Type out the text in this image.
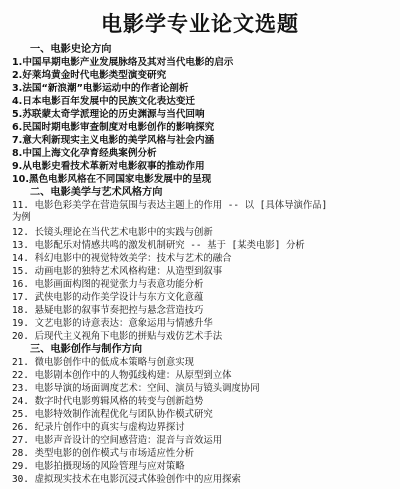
电影学专业论文选题
一、电影史论方向
1.中国早期电影产业发展脉络及其对当代电影的启示
2.好莱坞黄金时代电影类型演变研究
3.法国“新浪潮”电影运动中的作者论剖析
4.日本电影百年发展中的民族文化表达变迁
5.苏联蒙太奇学派理论的历史渊源与当代回响
6.民国时期电影审查制度对电影创作的影响探究
7.意大利新现实主义电影的美学风格与社会内涵
8.中国上海文化孕育经典案例分析
9.从电影史看技术革新对电影叙事的推动作用
10.黑色电影风格在不同国家电影发展中的呈现
二、电影美学与艺术风格方向
11. 电影色彩美学在营造氛围与表达主题上的作用 -- 以 [具体导演作品]
为例
12. 长镜头理论在当代艺术电影中的实践与创新
13. 电影配乐对情感共鸣的激发机制研究 -- 基于 [某类电影] 分析
14. 科幻电影中的视觉特效美学：技术与艺术的融合
15. 动画电影的独特艺术风格构建：从造型到叙事
16. 电影画面构图的视觉张力与表意功能分析
17. 武侠电影的动作美学设计与东方文化意蕴
18. 悬疑电影的叙事节奏把控与悬念营造技巧
19. 文艺电影的诗意表达：意象运用与情感升华
20. 后现代主义视角下电影的拼贴与戏仿艺术手法
三、电影创作与制作方向
21. 微电影创作中的低成本策略与创意实现
22. 电影剧本创作中的人物弧线构建：从原型到立体
23. 电影导演的场面调度艺术：空间、演员与镜头调度协同
24. 数字时代电影剪辑风格的转变与创新趋势
25. 电影特效制作流程优化与团队协作模式研究
26. 纪录片创作中的真实与虚构边界探讨
27. 电影声音设计的空间感营造：混音与音效运用
28. 类型电影的创作模式与市场适应性分析
29. 电影拍摄现场的风险管理与应对策略
30. 虚拟现实技术在电影沉浸式体验创作中的应用探索
